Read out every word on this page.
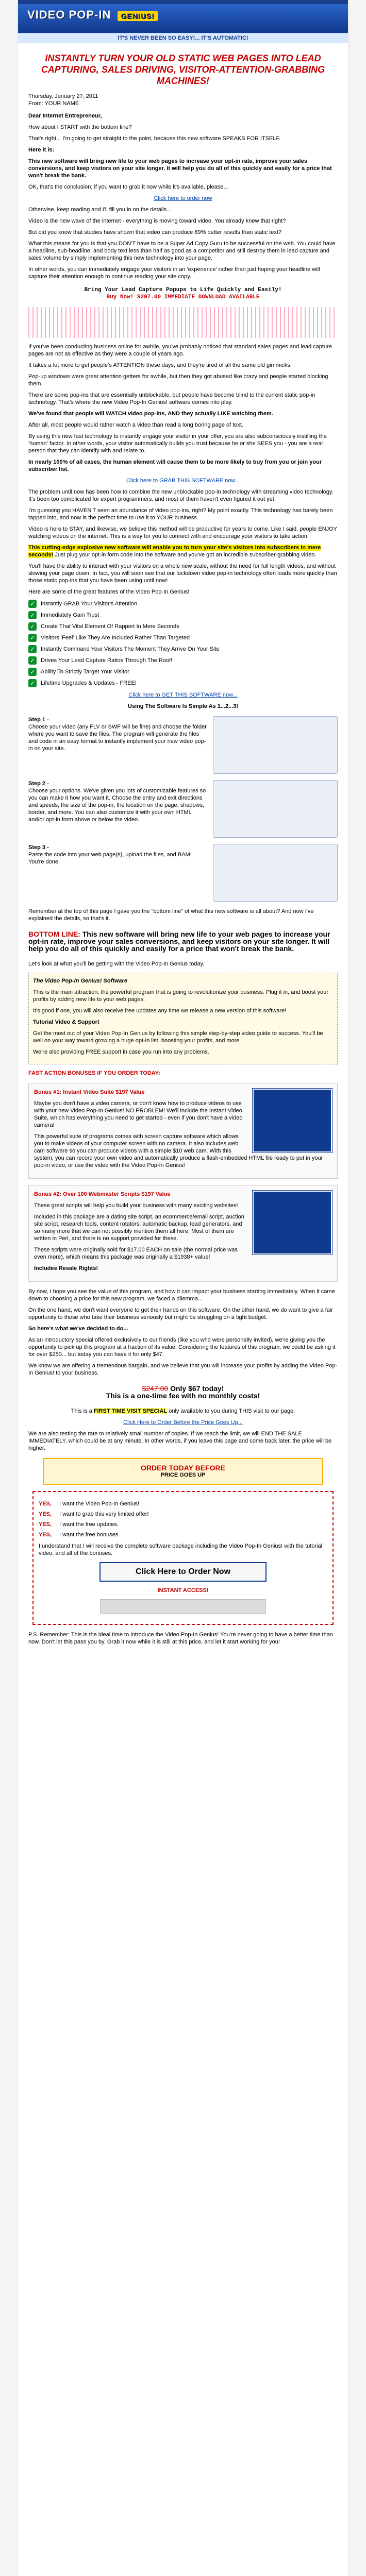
VIDEO POP-IN GENIUS!
IT'S NEVER BEEN SO EASY!... IT'S AUTOMATIC!
INSTANTLY TURN YOUR OLD STATIC WEB PAGES INTO LEAD CAPTURING, SALES DRIVING, VISITOR-ATTENTION-GRABBING MACHINES!
Thursday, January 27, 2011
From: YOUR NAME
Dear Internet Entrepreneur,
How about I START with the bottom line?
That's right... I'm going to get straight to the point, because this new software SPEAKS FOR ITSELF.
Here it is:
This new software will bring new life to your web pages to increase your opt-in rate, improve your sales conversions, and keep visitors on your site longer. It will help you do all of this quickly and easily for a price that won't break the bank.
OK, that's the conclusion; if you want to grab it now while it's available, please...
Click here to order now
Otherwise, keep reading and I'll fill you in on the details...
Video is the new wave of the internet - everything is moving toward video. You already knew that right?
But did you know that studies have shown that video can produce 89% better results than static text?
What this means for you is that you DON'T have to be a Super Ad Copy Guru to be successful on the web. You could have a headline, sub-headline, and body text less than half as good as a competitor and still destroy them in lead capture and sales volume by simply implementing this new technology into your page.
In other words, you can immediately engage your visitors in an 'experience' rather than just hoping your headline will capture their attention enough to continue reading your site copy.
Bring Your Lead Capture Popups to Life Quickly and Easily!
Buy Now! $297.00 IMMEDIATE DOWNLOAD AVAILABLE
If you've been conducting business online for awhile, you've probably noticed that standard sales pages and lead capture pages are not as effective as they were a couple of years ago.
It takes a lot more to get people's ATTENTION these days, and they're tired of all the same old gimmicks.
Pop-up windows were great attention getters for awhile, but then they got abused like crazy and people started blocking them.
There are some pop-ins that are essentially unblockable, but people have become blind to the current static pop-in technology. That's where the new Video Pop-In Genius! software comes into play.
We've found that people will WATCH video pop-ins, AND they actually LIKE watching them.
After all, most people would rather watch a video than read a long boring page of text.
By using this new fast technology to instantly engage your visitor in your offer, you are also subconsciously instilling the 'human' factor. In other words, your visitor automatically builds you trust because he or she SEES you - you are a real person that they can identify with and relate to.
In nearly 100% of all cases, the human element will cause them to be more likely to buy from you or join your subscriber list.
Click here to GRAB THIS SOFTWARE now...
The problem until now has been how to combine the new unblockable pop-in technology with streaming video technology. It's been too complicated for expert programmers, and most of them haven't even figured it out yet.
I'm guessing you HAVEN'T seen an abundance of video pop-ins, right? My point exactly. This technology has barely been tapped into, and now is the perfect time to use it to YOUR business.
Video is here to STAY, and likewise, we believe this method will be productive for years to come. Like I said, people ENJOY watching videos on the internet. This is a way for you to connect with and encourage your visitors to take action.
This cutting-edge explosive new software will enable you to turn your site's visitors into subscribers in mere seconds! Just plug your opt-in form code into the software and you've got an incredible subscriber-grabbing video.
You'll have the ability to interact with your visitors on a whole new scale, without the need for full length videos, and without slowing your page down. In fact, you will soon see that our lockdown video pop-in technology often loads more quickly than those static pop-ins that you have been using until now!
Here are some of the great features of the Video Pop-In Genius!
✓ Instantly GRAB Your Visitor's Attention
✓ Immediately Gain Trust
✓ Create That Vital Element Of Rapport In Mere Seconds
✓ Visitors 'Feel' Like They Are Included Rather Than Targeted
✓ Instantly Command Your Visitors The Moment They Arrive On Your Site
✓ Drives Your Lead Capture Ratios Through The Roof!
✓ Ability To Strictly Target Your Visitor
✓ Lifetime Upgrades & Updates - FREE!
Click here to GET THIS SOFTWARE now...
Using The Software Is Simple As 1...2...3!
Step 1 -
Choose your video (any FLV or SWF will be fine) and choose the folder where you want to save the files. The program will generate the files and code in an easy format to instantly implement your new video pop-in on your site.
Step 2 -
Choose your options. We've given you lots of customizable features so you can make it how you want it. Choose the entry and exit directions and speeds, the size of the pop-in, the location on the page, shadows, border, and more. You can also customize it with your own HTML and/or opt-in form above or below the video.
Step 3 -
Paste the code into your web page(s), upload the files, and BAM! You're done.
Remember at the top of this page I gave you the "bottom line" of what this new software is all about? And now I've explained the details, so that's it.
BOTTOM LINE: This new software will bring new life to your web pages to increase your opt-in rate, improve your sales conversions, and keep visitors on your site longer. It will help you do all of this quickly and easily for a price that won't break the bank.
Let's look at what you'll be getting with the Video Pop-In Genius today.
The Video Pop-In Genius! Software
This is the main attraction; the powerful program that is going to revolutionize your business. Plug it in, and boost your profits by adding new life to your web pages.
It's good if one, you will also receive free updates any time we release a new version of this software!
Tutorial Video & Support
Get the most out of your Video Pop-In Genius by following this simple step-by-step video guide to success. You'll be well on your way toward growing a huge opt-in list, boosting your profits, and more.
We're also providing FREE support in case you run into any problems.
FAST ACTION BONUSES IF YOU ORDER TODAY:
Bonus #1: Instant Video Suite $197 Value
Maybe you don't have a video camera, or don't know how to produce videos to use with your new Video Pop-In Genius! NO PROBLEM! We'll include the Instant Video Suite, which has everything you need to get started - even if you don't have a video camera!
This powerful suite of programs comes with screen capture software which allows you to make videos of your computer screen with no camera. It also includes web cam software so you can produce videos with a simple $10 web cam. With this system, you can record your own video and automatically produce a flash-embedded HTML file ready to put in your pop-in video, or use the video with the Video Pop-In Genius!
Bonus #2: Over 100 Webmaster Scripts $197 Value
These great scripts will help you build your business with many exciting websites!
Included in this package are a dating site script, an ecommerce/email script, auction site script, research tools, content rotators, automatic backup, lead generators, and so many more that we can not possibly mention them all here. Most of them are written in Perl, and there is no support provided for these.
These scripts were originally sold for $17.00 EACH on sale (the normal price was even more), which means this package was originally a $1938+ value!
Includes Resale Rights!
By now, I hope you see the value of this program, and how it can impact your business starting immediately. When it came down to choosing a price for this new program, we faced a dilemma...
On the one hand, we don't want everyone to get their hands on this software. On the other hand, we do want to give a fair opportunity to those who take their business seriously but might be struggling on a tight budget.
So here's what we've decided to do...
As an introductory special offered exclusively to our friends (like you who were personally invited), we're giving you the opportunity to pick up this program at a fraction of its value. Considering the features of this program, we could be asking it for over $250... but today you can have it for only $47.
We know we are offering a tremendous bargain, and we believe that you will increase your profits by adding the Video Pop-In Genius! to your business.
$247.00 Only $67 today!
This is a one-time fee with no monthly costs!
This is a FIRST TIME VISIT SPECIAL only available to you during THIS visit to our page.
Click Here to Order Before the Price Goes Up...
We are also testing the rate to relatively small number of copies. If we reach the limit, we will END THE SALE IMMEDIATELY, which could be at any minute. In other words, if you leave this page and come back later, the price will be higher.
ORDER TODAY BEFORE
PRICE GOES UP
YES,	I want the Video Pop-In Genius!
YES,	I want to grab this very limited offer!
YES,	I want the free updates.
YES,	I want the free bonuses.
I understand that I will receive the complete software package including the Video Pop-In Genius! with the tutorial video, and all of the bonuses.
Click Here to Order Now
INSTANT ACCESS!
P.S. Remember: This is the ideal time to introduce the Video Pop-In Genius! You're never going to have a better time than now. Don't let this pass you by. Grab it now while it is still at this price, and let it start working for you!
